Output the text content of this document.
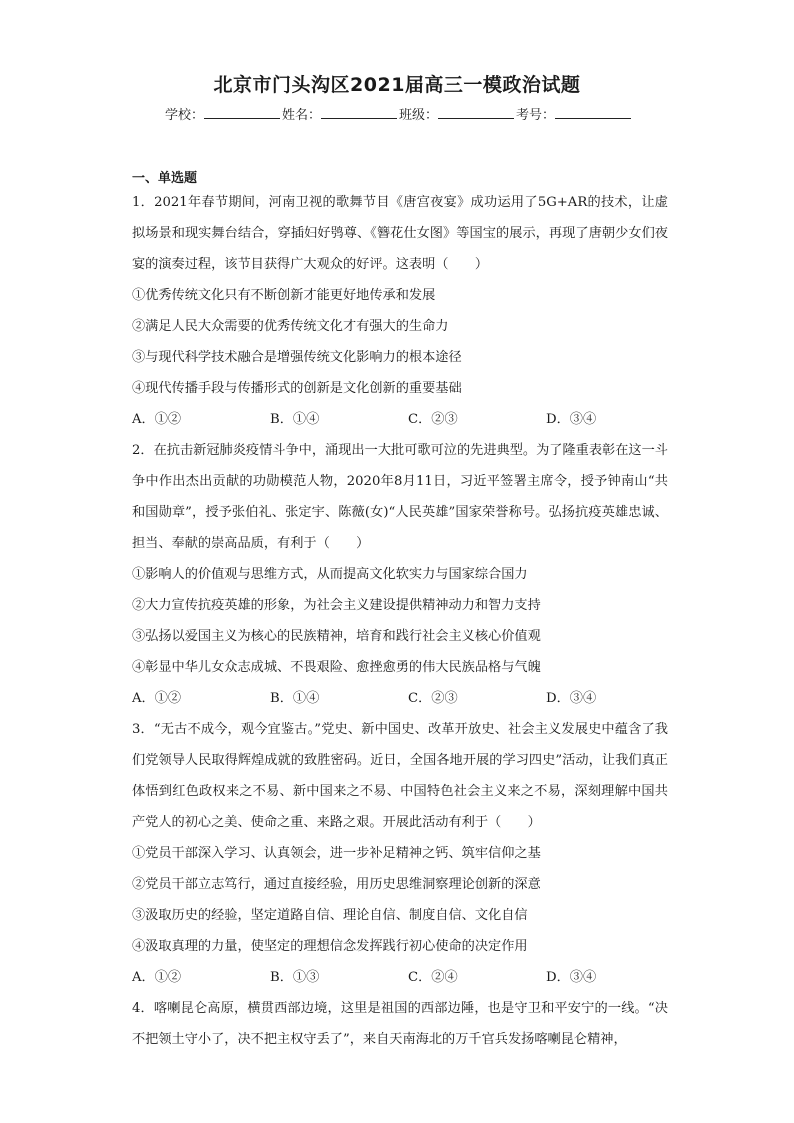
北京市门头沟区2021届高三一模政治试题
学校：	姓名：	班级：	考号：
一、单选题
1．2021年春节期间，河南卫视的歌舞节目《唐宫夜宴》成功运用了5G+AR的技术，让虚拟场景和现实舞台结合，穿插妇好鸮尊、《簪花仕女图》等国宝的展示，再现了唐朝少女们夜宴的演奏过程，该节目获得广大观众的好评。这表明（　　）
①优秀传统文化只有不断创新才能更好地传承和发展
②满足人民大众需要的优秀传统文化才有强大的生命力
③与现代科学技术融合是增强传统文化影响力的根本途径
④现代传播手段与传播形式的创新是文化创新的重要基础
A．①②	B．①④	C．②③	D．③④
2．在抗击新冠肺炎疫情斗争中，涌现出一大批可歌可泣的先进典型。为了隆重表彰在这一斗争中作出杰出贡献的功勋模范人物，2020年8月11日，习近平签署主席令，授予钟南山“共和国勋章”，授予张伯礼、张定宇、陈薇(女)“人民英雄”国家荣誉称号。弘扬抗疫英雄忠诚、担当、奉献的崇高品质，有利于（　　）
①影响人的价值观与思维方式，从而提高文化软实力与国家综合国力
②大力宣传抗疫英雄的形象，为社会主义建设提供精神动力和智力支持
③弘扬以爱国主义为核心的民族精神，培育和践行社会主义核心价值观
④彰显中华儿女众志成城、不畏艰险、愈挫愈勇的伟大民族品格与气魄
A．①②	B．①④	C．②③	D．③④
3．“无古不成今，观今宜鉴古。”党史、新中国史、改革开放史、社会主义发展史中蕴含了我们党领导人民取得辉煌成就的致胜密码。近日，全国各地开展的学习四史”活动，让我们真正体悟到红色政权来之不易、新中国来之不易、中国特色社会主义来之不易，深刻理解中国共产党人的初心之美、使命之重、来路之艰。开展此活动有利于（　　）
①党员干部深入学习、认真领会，进一步补足精神之钙、筑牢信仰之基
②党员干部立志笃行，通过直接经验，用历史思维洞察理论创新的深意
③汲取历史的经验，坚定道路自信、理论自信、制度自信、文化自信
④汲取真理的力量，使坚定的理想信念发挥践行初心使命的决定作用
A．①②	B．①③	C．②④	D．③④
4．喀喇昆仑高原，横贯西部边境，这里是祖国的西部边陲，也是守卫和平安宁的一线。“决不把领土守小了，决不把主权守丢了”，来自天南海北的万千官兵发扬喀喇昆仑精神，
